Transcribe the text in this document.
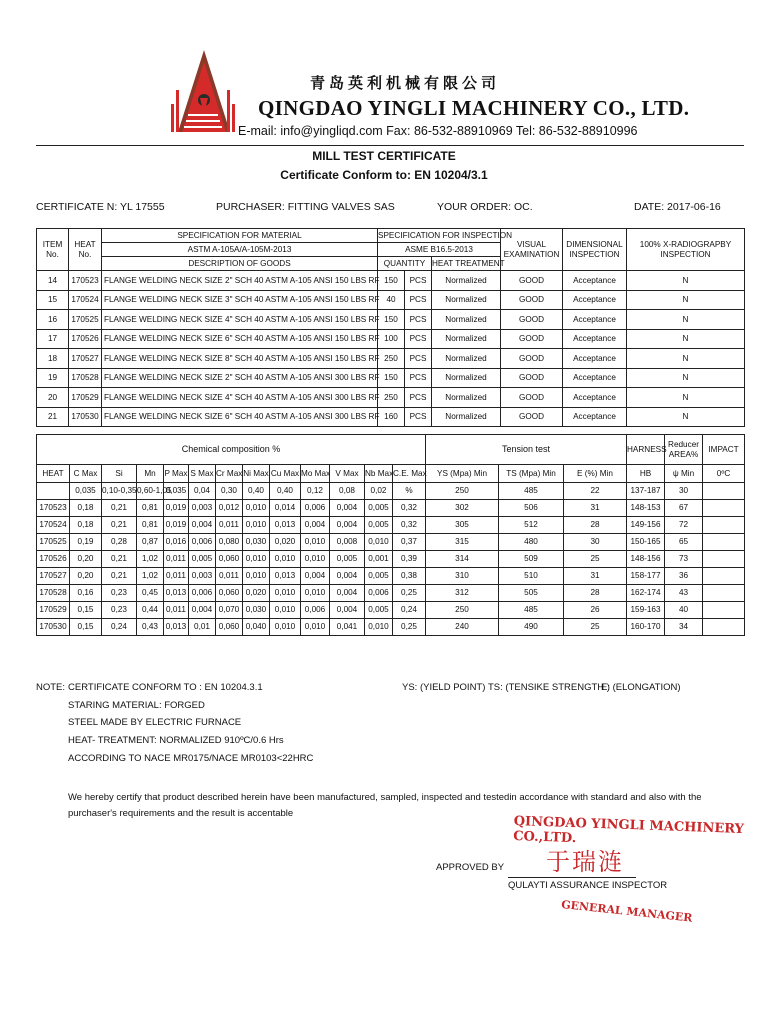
青岛英利机械有限公司
QINGDAO YINGLI MACHINERY CO., LTD.
E-mail: info@yingliqd.com Fax: 86-532-88910969 Tel: 86-532-88910996
MILL TEST CERTIFICATE
Certificate Conform to: EN 10204/3.1
CERTIFICATE N: YL 17555	PURCHASER: FITTING VALVES SAS	YOUR ORDER: OC.	DATE: 2017-06-16
ITEM No.	HEAT No.	SPECIFICATION FOR MATERIAL	SPECIFICATION FOR INSPECTION			VISUAL EXAMINATION	DIMENSIONAL INSPECTION	100% X-RADIOGRAPBY INSPECTION
		ASTM A-105A/A-105M-2013	ASME B16.5-2013					
		DESCRIPTION OF GOODS	QUANTITY		HEAT TREATMENT			
14	170523	FLANGE WELDING NECK SIZE 2" SCH 40 ASTM A-105 ANSI 150 LBS RF	150	PCS	Normalized	GOOD	Acceptance	N
15	170524	FLANGE WELDING NECK SIZE 3" SCH 40 ASTM A-105 ANSI 150 LBS RF	40	PCS	Normalized	GOOD	Acceptance	N
16	170525	FLANGE WELDING NECK SIZE 4" SCH 40 ASTM A-105 ANSI 150 LBS RF	150	PCS	Normalized	GOOD	Acceptance	N
17	170526	FLANGE WELDING NECK SIZE 6" SCH 40 ASTM A-105 ANSI 150 LBS RF	100	PCS	Normalized	GOOD	Acceptance	N
18	170527	FLANGE WELDING NECK SIZE 8" SCH 40 ASTM A-105 ANSI 150 LBS RF	250	PCS	Normalized	GOOD	Acceptance	N
19	170528	FLANGE WELDING NECK SIZE 2" SCH 40 ASTM A-105 ANSI 300 LBS RF	150	PCS	Normalized	GOOD	Acceptance	N
20	170529	FLANGE WELDING NECK SIZE 4" SCH 40 ASTM A-105 ANSI 300 LBS RF	250	PCS	Normalized	GOOD	Acceptance	N
21	170530	FLANGE WELDING NECK SIZE 6" SCH 40 ASTM A-105 ANSI 300 LBS RF	160	PCS	Normalized	GOOD	Acceptance	N
Chemical composition %													Tension test			HARNESS	Reducer AREA%	IMPACT
HEAT	C Max	Si	Mn	P Max	S Max	Cr Max	Ni Max	Cu Max	Mo Max	V Max	Nb Max	C.E. Max	YS (Mpa) Min	TS (Mpa) Min	E (%) Min	HB	ψ Min	0ºC
	0,035	0,10-0,35	0,60-1,05	0,035	0,04	0,30	0,40	0,40	0,12	0,08	0,02	%	250	485	22	137-187	30	
170523	0,18	0,21	0,81	0,019	0,003	0,012	0,010	0,014	0,006	0,004	0,005	0,32	302	506	31	148-153	67	
170524	0,18	0,21	0,81	0,019	0,004	0,011	0,010	0,013	0,004	0,004	0,005	0,32	305	512	28	149-156	72	
170525	0,19	0,28	0,87	0,016	0,006	0,080	0,030	0,020	0,010	0,008	0,010	0,37	315	480	30	150-165	65	
170526	0,20	0,21	1,02	0,011	0,005	0,060	0,010	0,010	0,010	0,005	0,001	0,39	314	509	25	148-156	73	
170527	0,20	0,21	1,02	0,011	0,003	0,011	0,010	0,013	0,004	0,004	0,005	0,38	310	510	31	158-177	36	
170528	0,16	0,23	0,45	0,013	0,006	0,060	0,020	0,010	0,010	0,004	0,006	0,25	312	505	28	162-174	43	
170529	0,15	0,23	0,44	0,011	0,004	0,070	0,030	0,010	0,006	0,004	0,005	0,24	250	485	26	159-163	40	
170530	0,15	0,24	0,43	0,013	0,01	0,060	0,040	0,010	0,010	0,041	0,010	0,25	240	490	25	160-170	34	
NOTE: CERTIFICATE CONFORM TO : EN 10204.3.1
STARING MATERIAL: FORGED
STEEL MADE BY ELECTRIC FURNACE
HEAT- TREATMENT: NORMALIZED 910ºC/0.6 Hrs
ACCORDING TO NACE MR0175/NACE MR0103<22HRC
YS: (YIELD POINT) TS: (TENSIKE STRENGTH )
E: (ELONGATION)
We hereby certify that product described herein have been manufactured, sampled, inspected and testedin accordance with standard and also with the purchaser's requirements and the result is accentable
APPROVED BY
QULAYTI ASSURANCE INSPECTOR
QINGDAO YINGLI MACHINERY CO.,LTD.
于瑞涟
GENERAL MANAGER
